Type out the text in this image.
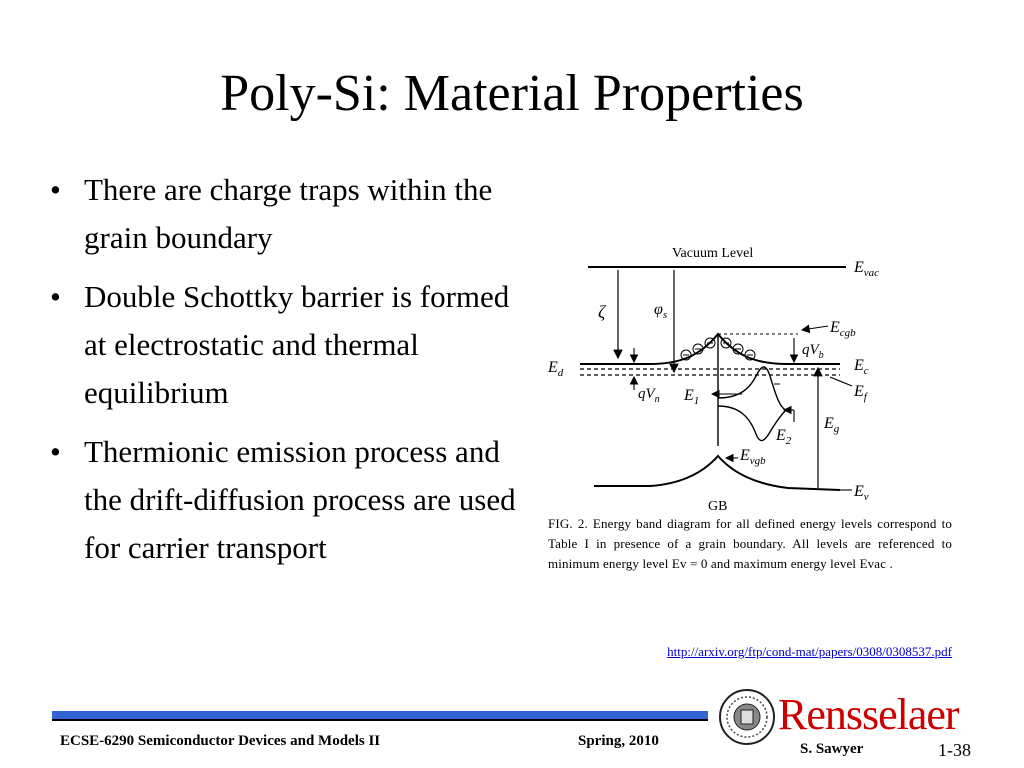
Poly-Si: Material Properties
• There are charge traps within the grain boundary
• Double Schottky barrier is formed at electrostatic and thermal equilibrium
• Thermionic emission process and the drift-diffusion process are used for carrier transport
Vacuum Level
$E_{vac}$
$E_c$
$E_d$
$E_f$
$E_{cgb}$
$qV_b$
ζ	$\varphi_s$
$qV_n$ $E_1$
$E_2$
$E_g$
$E_v$
$E_{vgb}$
GB
FIG. 2. Energy band diagram for all defined energy levels correspond to Table I in presence of a grain boundary. All levels are referenced to minimum energy level Ev = 0 and maximum energy level Evac .
http://arxiv.org/ftp/cond-mat/papers/0308/0308537.pdf
ECSE-6290 Semiconductor Devices and Models II	Spring, 2010	S. Sawyer	1-38
Rensselaer
